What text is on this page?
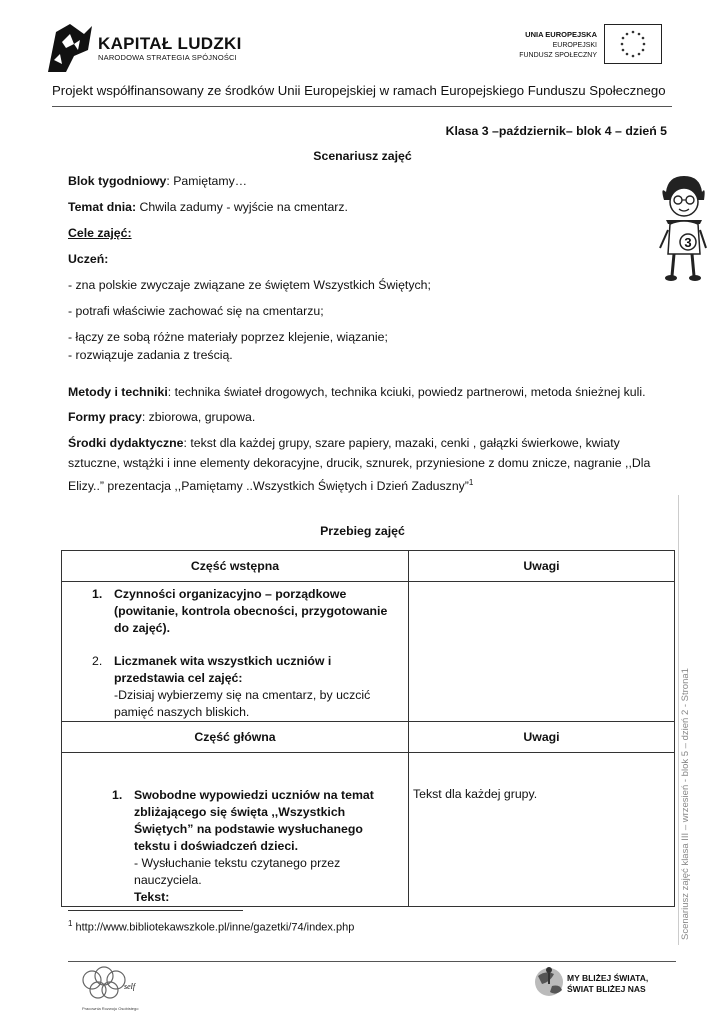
KAPITAŁ LUDZKI
NARODOWA STRATEGIA SPÓJNOŚCI
UNIA EUROPEJSKA
EUROPEJSKI
FUNDUSZ SPOŁECZNY
Projekt współfinansowany ze środków Unii Europejskiej w ramach Europejskiego Funduszu Społecznego
Klasa 3 –październik– blok 4 – dzień 5
Scenariusz zajęć
Blok tygodniowy: Pamiętamy…
Temat dnia: Chwila zadumy - wyjście na cmentarz.
Cele zajęć:
Uczeń:
- zna polskie zwyczaje związane ze świętem Wszystkich Świętych;
- potrafi właściwie zachować się na cmentarzu;
- łączy ze sobą różne materiały poprzez klejenie, wiązanie;
- rozwiązuje zadania z treścią.
Metody i techniki: technika świateł drogowych, technika kciuki, powiedz partnerowi, metoda śnieżnej kuli.
Formy pracy: zbiorowa, grupowa.
Środki dydaktyczne: tekst dla każdej grupy, szare papiery, mazaki, cenki , gałązki świerkowe, kwiaty sztuczne, wstążki i inne elementy dekoracyjne, drucik, sznurek, przyniesione z domu znicze, nagranie ,,Dla Elizy..” prezentacja ,,Pamiętamy ..Wszystkich Świętych i Dzień Zaduszny”$^1$
3
Przebieg zajęć
Część wstępna	Uwagi

1. Czynności organizacyjno – porządkowe (powitanie, kontrola obecności, przygotowanie do zajęć).
2. Liczmanek wita wszystkich uczniów i przedstawia cel zajęć:
-Dzisiaj wybierzemy się na cmentarz, by uczcić pamięć naszych bliskich.	

Część główna	Uwagi

1. Swobodne wypowiedzi uczniów na temat zbliżającego się święta ,,Wszystkich Świętych” na podstawie wysłuchanego tekstu i doświadczeń dzieci.
- Wysłuchanie tekstu czytanego przez nauczyciela.
Tekst:	Tekst dla każdej grupy.	Scenariusz zajęć klasa III – wrzesień - blok 5 – dzień 2 - Strona1
$^1$ http://www.bibliotekawszkole.pl/inne/gazetki/74/index.php
self
Pracownia Rozwoju Osobistego
MY BLIŻEJ ŚWIATA,
ŚWIAT BLIŻEJ NAS
